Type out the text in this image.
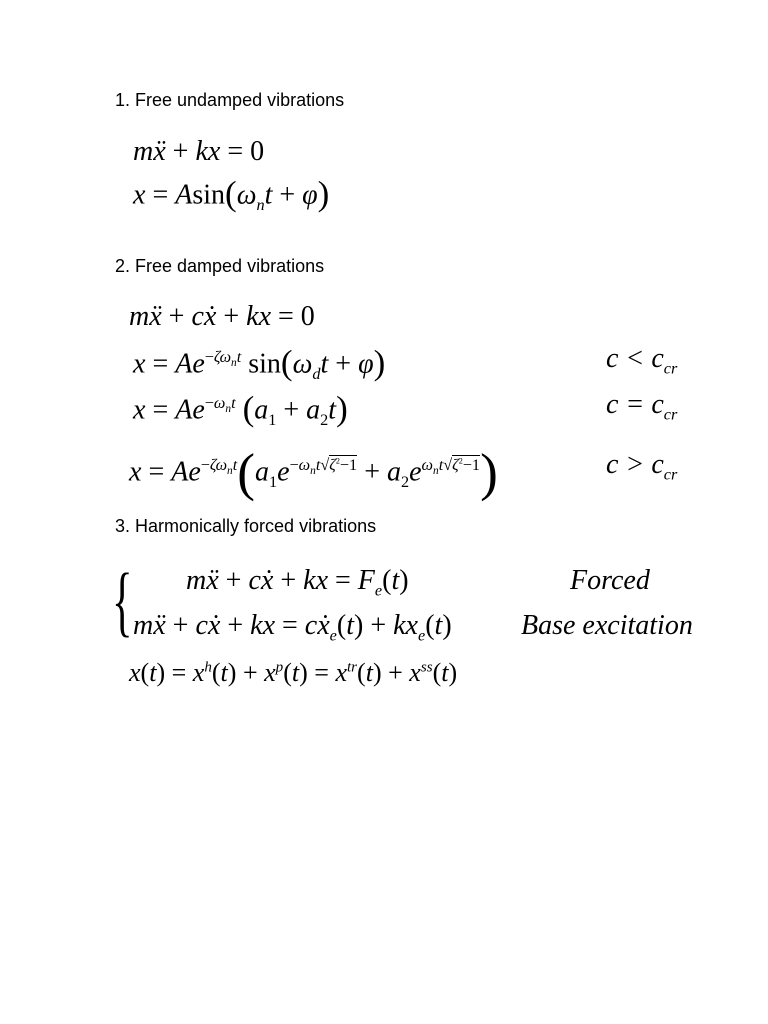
1. Free undamped vibrations
mẍ + kx = 0
$x = Asin(\omega_nt + \varphi)$
2. Free damped vibrations
mẍ + cẋ + kx = 0
$x = Ae^{-\zeta\omega_nt}$ $\sin(\omega_dt + \varphi)$	$c < c_{cr}$
$x = Ae^{-\omega_nt}$ $(a_1 + a_2t)$	$c = c_{cr}$
$x = Ae^{-\zeta\omega_nt}(a_1e^{-\omega_nt√\zeta^2-1} + a_2e^{\omega_nt√\zeta^2-1})$	$c > c_{cr}$
3. Harmonically forced vibrations
{ mẍ + cẋ + kx = $F_e(t)$	Forced
mẍ + cẋ + kx = $cẋ_e(t) + kx_e(t)$ Base excitation
$x(t) = x^h(t) + x^p(t) = x^{tr}(t) + x^{ss}(t)$
